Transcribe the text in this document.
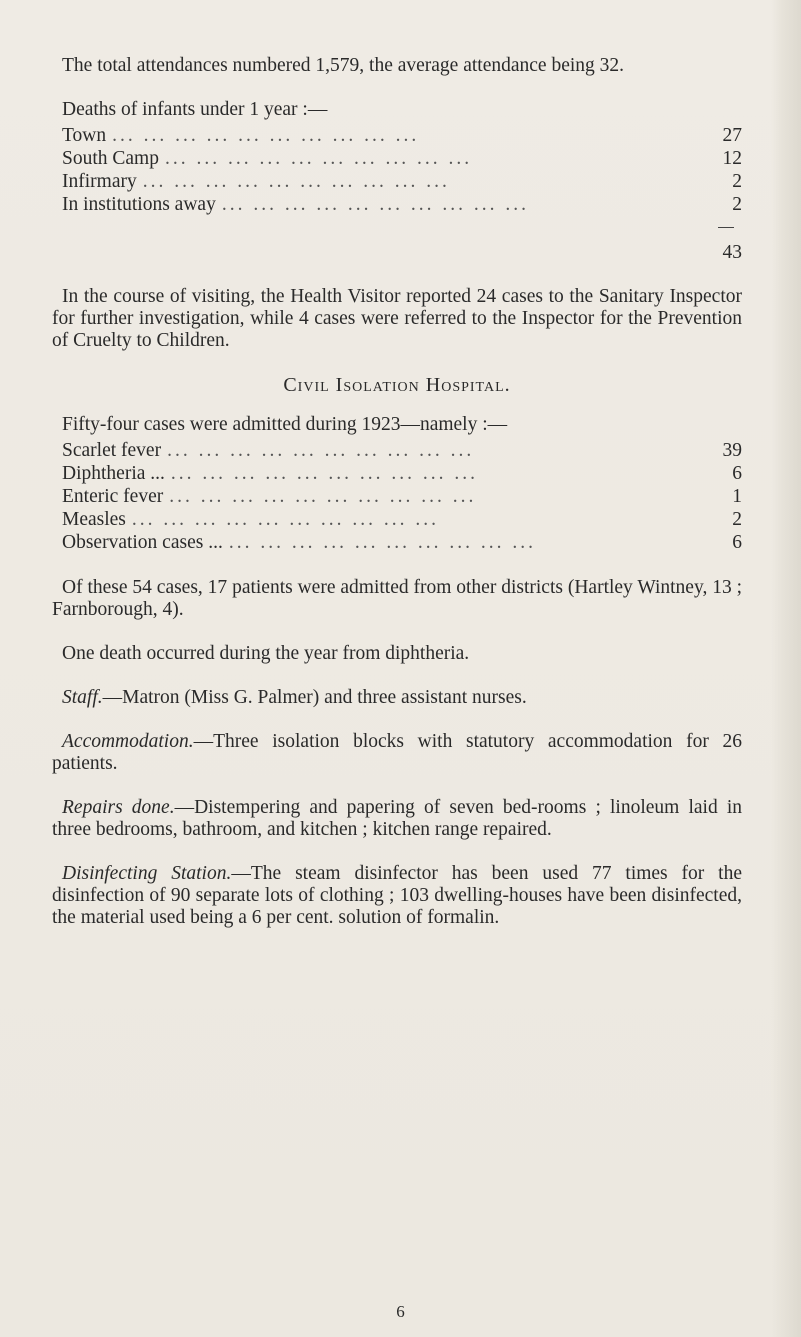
The total attendances numbered 1,579, the average attendance being 32.

Deaths of infants under 1 year :—

Town ... ... ... ... ... ... ... ... ... ...	27
South Camp ... ... ... ... ... ... ... ... ... ...	12
Infirmary ... ... ... ... ... ... ... ... ... ...	2
In institutions away ... ... ... ... ... ... ... ... ... ...	2
43

In the course of visiting, the Health Visitor reported 24 cases to the Sanitary Inspector for further investigation, while 4 cases were referred to the Inspector for the Prevention of Cruelty to Children.

Civil Isolation Hospital.

Fifty-four cases were admitted during 1923—namely :—

Scarlet fever ... ... ... ... ... ... ... ... ... ...	39
Diphtheria ... ... ... ... ... ... ... ... ... ... ...	6
Enteric fever ... ... ... ... ... ... ... ... ... ...	1
Measles ... ... ... ... ... ... ... ... ... ...	2
Observation cases ... ... ... ... ... ... ... ... ... ... ...	6

Of these 54 cases, 17 patients were admitted from other districts (Hartley Wintney, 13 ; Farnborough, 4).

One death occurred during the year from diphtheria.

Staff.—Matron (Miss G. Palmer) and three assistant nurses.

Accommodation.—Three isolation blocks with statutory accommodation for 26 patients.

Repairs done.—Distempering and papering of seven bed-rooms ; linoleum laid in three bedrooms, bathroom, and kitchen ; kitchen range repaired.

Disinfecting Station.—The steam disinfector has been used 77 times for the disinfection of 90 separate lots of clothing ; 103 dwelling-houses have been disinfected, the material used being a 6 per cent. solution of formalin.

6
